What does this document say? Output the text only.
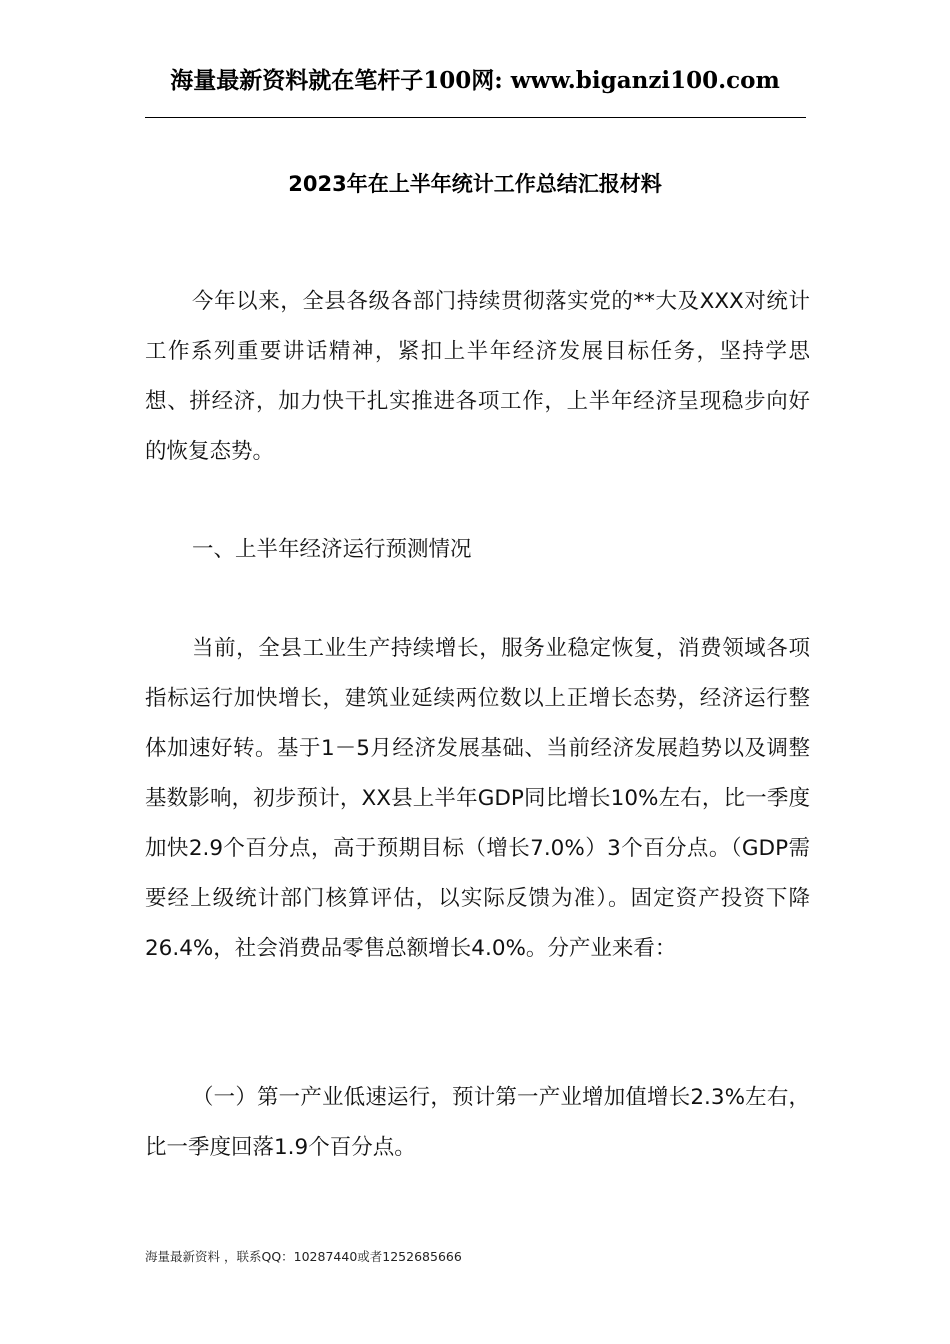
海量最新资料就在笔杆子100网: www.biganzi100.com
2023年在上半年统计工作总结汇报材料
今年以来，全县各级各部门持续贯彻落实党的**大及XXX对统计工作系列重要讲话精神，紧扣上半年经济发展目标任务，坚持学思想、拼经济，加力快干扎实推进各项工作，上半年经济呈现稳步向好的恢复态势。
一、上半年经济运行预测情况
当前，全县工业生产持续增长，服务业稳定恢复，消费领域各项指标运行加快增长，建筑业延续两位数以上正增长态势，经济运行整体加速好转。基于1－5月经济发展基础、当前经济发展趋势以及调整基数影响，初步预计，XX县上半年GDP同比增长10%左右，比一季度加快2.9个百分点，高于预期目标（增长7.0%）3个百分点。（GDP需要经上级统计部门核算评估，以实际反馈为准）。固定资产投资下降26.4%，社会消费品零售总额增长4.0%。分产业来看：
（一）第一产业低速运行，预计第一产业增加值增长2.3%左右，比一季度回落1.9个百分点。
海量最新资料 ，联系QQ：10287440或者1252685666
